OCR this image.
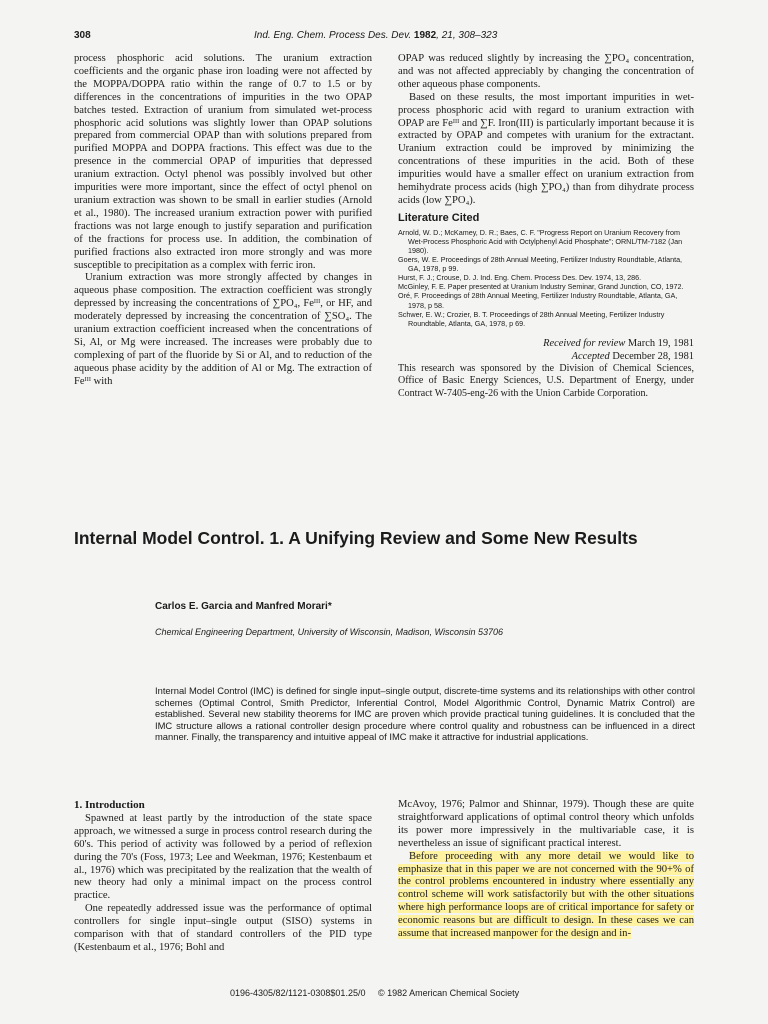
308	Ind. Eng. Chem. Process Des. Dev. 1982, 21, 308–323

process phosphoric acid solutions. The uranium extraction coefficients and the organic phase iron loading were not affected by the MOPPA/DOPPA ratio within the range of 0.7 to 1.5 or by differences in the concentrations of impurities in the two OPAP batches tested. Extraction of uranium from simulated wet-process phosphoric acid solutions was slightly lower than OPAP solutions prepared from commercial OPAP than with solutions prepared from purified MOPPA and DOPPA fractions. This effect was due to the presence in the commercial OPAP of impurities that depressed uranium extraction. Octyl phenol was possibly involved but other impurities were more important, since the effect of octyl phenol on uranium extraction was shown to be small in earlier studies (Arnold et al., 1980). The increased uranium extraction power with purified fractions was not large enough to justify separation and purification of the fractions for process use. In addition, the combination of purified fractions also extracted iron more strongly and was more susceptible to precipitation as a complex with ferric iron.

Uranium extraction was more strongly affected by changes in aqueous phase composition. The extraction coefficient was strongly depressed by increasing the concentrations of ∑PO₄, Feᴵᴵᴵ, or HF, and moderately depressed by increasing the concentration of ∑SO₄. The uranium extraction coefficient increased when the concentrations of Si, Al, or Mg were increased. The increases were probably due to complexing of part of the fluoride by Si or Al, and to reduction of the aqueous phase acidity by the addition of Al or Mg. The extraction of Feᴵᴵᴵ with

OPAP was reduced slightly by increasing the ∑PO₄ concentration, and was not affected appreciably by changing the concentration of other aqueous phase components.

Based on these results, the most important impurities in wet-process phosphoric acid with regard to uranium extraction with OPAP are Feᴵᴵᴵ and ∑F. Iron(III) is particularly important because it is extracted by OPAP and competes with uranium for the extractant. Uranium extraction could be improved by minimizing the concentrations of these impurities in the acid. Both of these impurities would have a smaller effect on uranium extraction from hemihydrate process acids (high ∑PO₄) than from dihydrate process acids (low ∑PO₄).

Literature Cited
Arnold, W. D.; McKamey, D. R.; Baes, C. F. "Progress Report on Uranium Recovery from Wet-Process Phosphoric Acid with Octylphenyl Acid Phosphate"; ORNL/TM-7182 (Jan 1980).
Goers, W. E. Proceedings of 28th Annual Meeting, Fertilizer Industry Roundtable, Atlanta, GA, 1978, p 99.
Hurst, F. J.; Crouse, D. J. Ind. Eng. Chem. Process Des. Dev. 1974, 13, 286.
McGinley, F. E. Paper presented at Uranium Industry Seminar, Grand Junction, CO, 1972.
Oré, F. Proceedings of 28th Annual Meeting, Fertilizer Industry Roundtable, Atlanta, GA, 1978, p 58.
Schwer, E. W.; Crozier, B. T. Proceedings of 28th Annual Meeting, Fertilizer Industry Roundtable, Atlanta, GA, 1978, p 69.
Received for review March 19, 1981
Accepted December 28, 1981

This research was sponsored by the Division of Chemical Sciences, Office of Basic Energy Sciences, U.S. Department of Energy, under Contract W-7405-eng-26 with the Union Carbide Corporation.

Internal Model Control. 1. A Unifying Review and Some New Results
Carlos E. Garcia and Manfred Morari*
Chemical Engineering Department, University of Wisconsin, Madison, Wisconsin 53706
Internal Model Control (IMC) is defined for single input–single output, discrete-time systems and its relationships with other control schemes (Optimal Control, Smith Predictor, Inferential Control, Model Algorithmic Control, Dynamic Matrix Control) are established. Several new stability theorems for IMC are proven which provide practical tuning guidelines. It is concluded that the IMC structure allows a rational controller design procedure where control quality and robustness can be influenced in a direct manner. Finally, the transparency and intuitive appeal of IMC make it attractive for industrial applications.
1. Introduction

Spawned at least partly by the introduction of the state space approach, we witnessed a surge in process control research during the 60's. This period of activity was followed by a period of reflexion during the 70's (Foss, 1973; Lee and Weekman, 1976; Kestenbaum et al., 1976) which was precipitated by the realization that the wealth of new theory had only a minimal impact on the process control practice.

One repeatedly addressed issue was the performance of optimal controllers for single input–single output (SISO) systems in comparison with that of standard controllers of the PID type (Kestenbaum et al., 1976; Bohl and

McAvoy, 1976; Palmor and Shinnar, 1979). Though these are quite straightforward applications of optimal control theory which unfolds its power more impressively in the multivariable case, it is nevertheless an issue of significant practical interest.

Before proceeding with any more detail we would like to emphasize that in this paper we are not concerned with the 90+% of the control problems encountered in industry where essentially any control scheme will work satisfactorily but with the other situations where high performance loops are of critical importance for safety or economic reasons but are difficult to design. In these cases we can assume that increased manpower for the design and in-

0196-4305/82/1121-0308$01.25/0 © 1982 American Chemical Society
